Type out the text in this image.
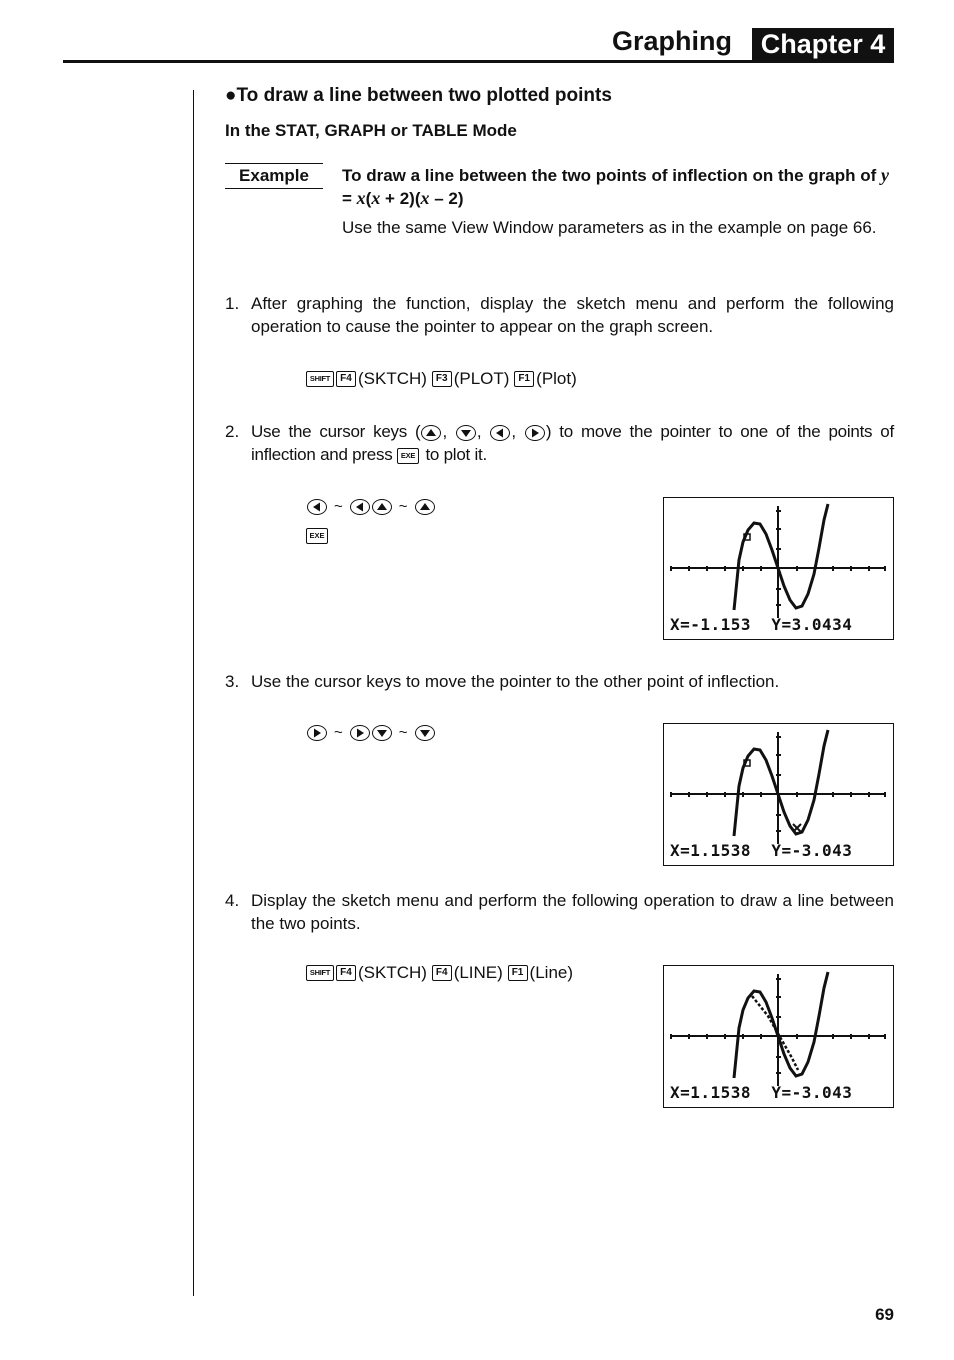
Graphing	Chapter 4
●To draw a line between two plotted points
In the STAT, GRAPH or TABLE Mode
Example	To draw a line between the two points of inflection on the graph of y = x(x + 2)(x – 2)
Use the same View Window parameters as in the example on page 66.
1. After graphing the function, display the sketch menu and perform the following operation to cause the pointer to appear on the graph screen.
SHIFT	F4 (SKTCH)
F3 (PLOT)
F1 (Plot)
2. Use the cursor keys ( , , , ) to move the pointer to one of the points of inflection and press EXE to plot it.
~	~
EXE
X=-1.153  Y=3.0434
3. Use the cursor keys to move the pointer to the other point of inflection.
~	~
X=1.1538  Y=-3.043
4. Display the sketch menu and perform the following operation to draw a line between the two points.
SHIFT	F4 (SKTCH)
F4 (LINE)
F1 (Line)
X=1.1538  Y=-3.043
69
